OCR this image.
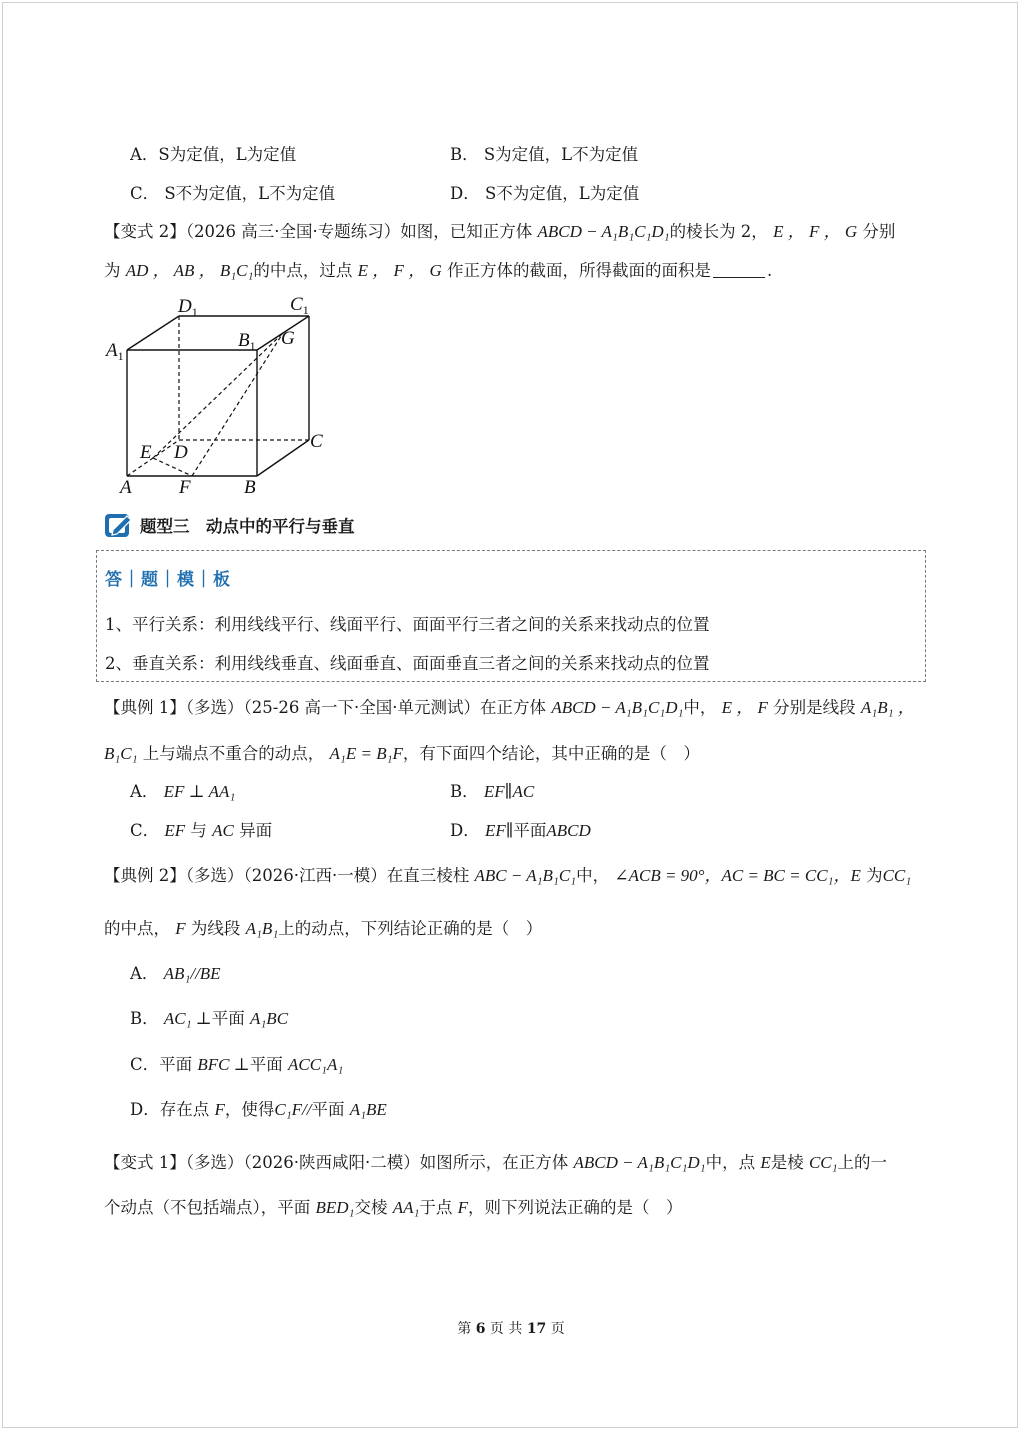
A．S为定值，L为定值	B． S为定值，L不为定值
C． S不为定值，L不为定值	D． S不为定值，L为定值
【变式 2】（2026 高三·全国·专题练习）如图，已知正方体 ABCD − A₁B₁C₁D₁的棱长为 2， E ， F ， G 分别
为 AD ， AB ， B₁C₁的中点，过点 E ， F ， G 作正方体的截面，所得截面的面积是	.
$D_1$	$C_1$
$A_1$
$B_1$ G
E D
C
A F	B
题型三　动点中的平行与垂直
答｜题｜模｜板
1、平行关系：利用线线平行、线面平行、面面平行三者之间的关系来找动点的位置
2、垂直关系：利用线线垂直、线面垂直、面面垂直三者之间的关系来找动点的位置
【典例 1】（多选）（25-26 高一下·全国·单元测试）在正方体 ABCD − A₁B₁C₁D₁中， E ， F 分别是线段 A₁B₁ ，
B₁C₁ 上与端点不重合的动点， A₁E = B₁F，有下面四个结论，其中正确的是（　）
A． EF ⊥ AA₁	B． EF∥AC
C． EF 与 AC 异面	D． EF∥平面ABCD
【典例 2】（多选）（2026·江西·一模）在直三棱柱 ABC − A₁B₁C₁中， ∠ACB = 90°，AC = BC = CC₁，E 为CC₁
的中点， F 为线段 A₁B₁上的动点，下列结论正确的是（　）
A． AB₁//BE
B． AC₁ ⊥平面 A₁BC
C．平面 BFC ⊥平面 ACC₁A₁
D．存在点 F，使得C₁F//平面 A₁BE
【变式 1】（多选）（2026·陕西咸阳·二模）如图所示，在正方体 ABCD − A₁B₁C₁D₁中，点 E是棱 CC₁上的一
个动点（不包括端点），平面 BED₁交棱 AA₁于点 F，则下列说法正确的是（　）
第 6 页 共 17 页
